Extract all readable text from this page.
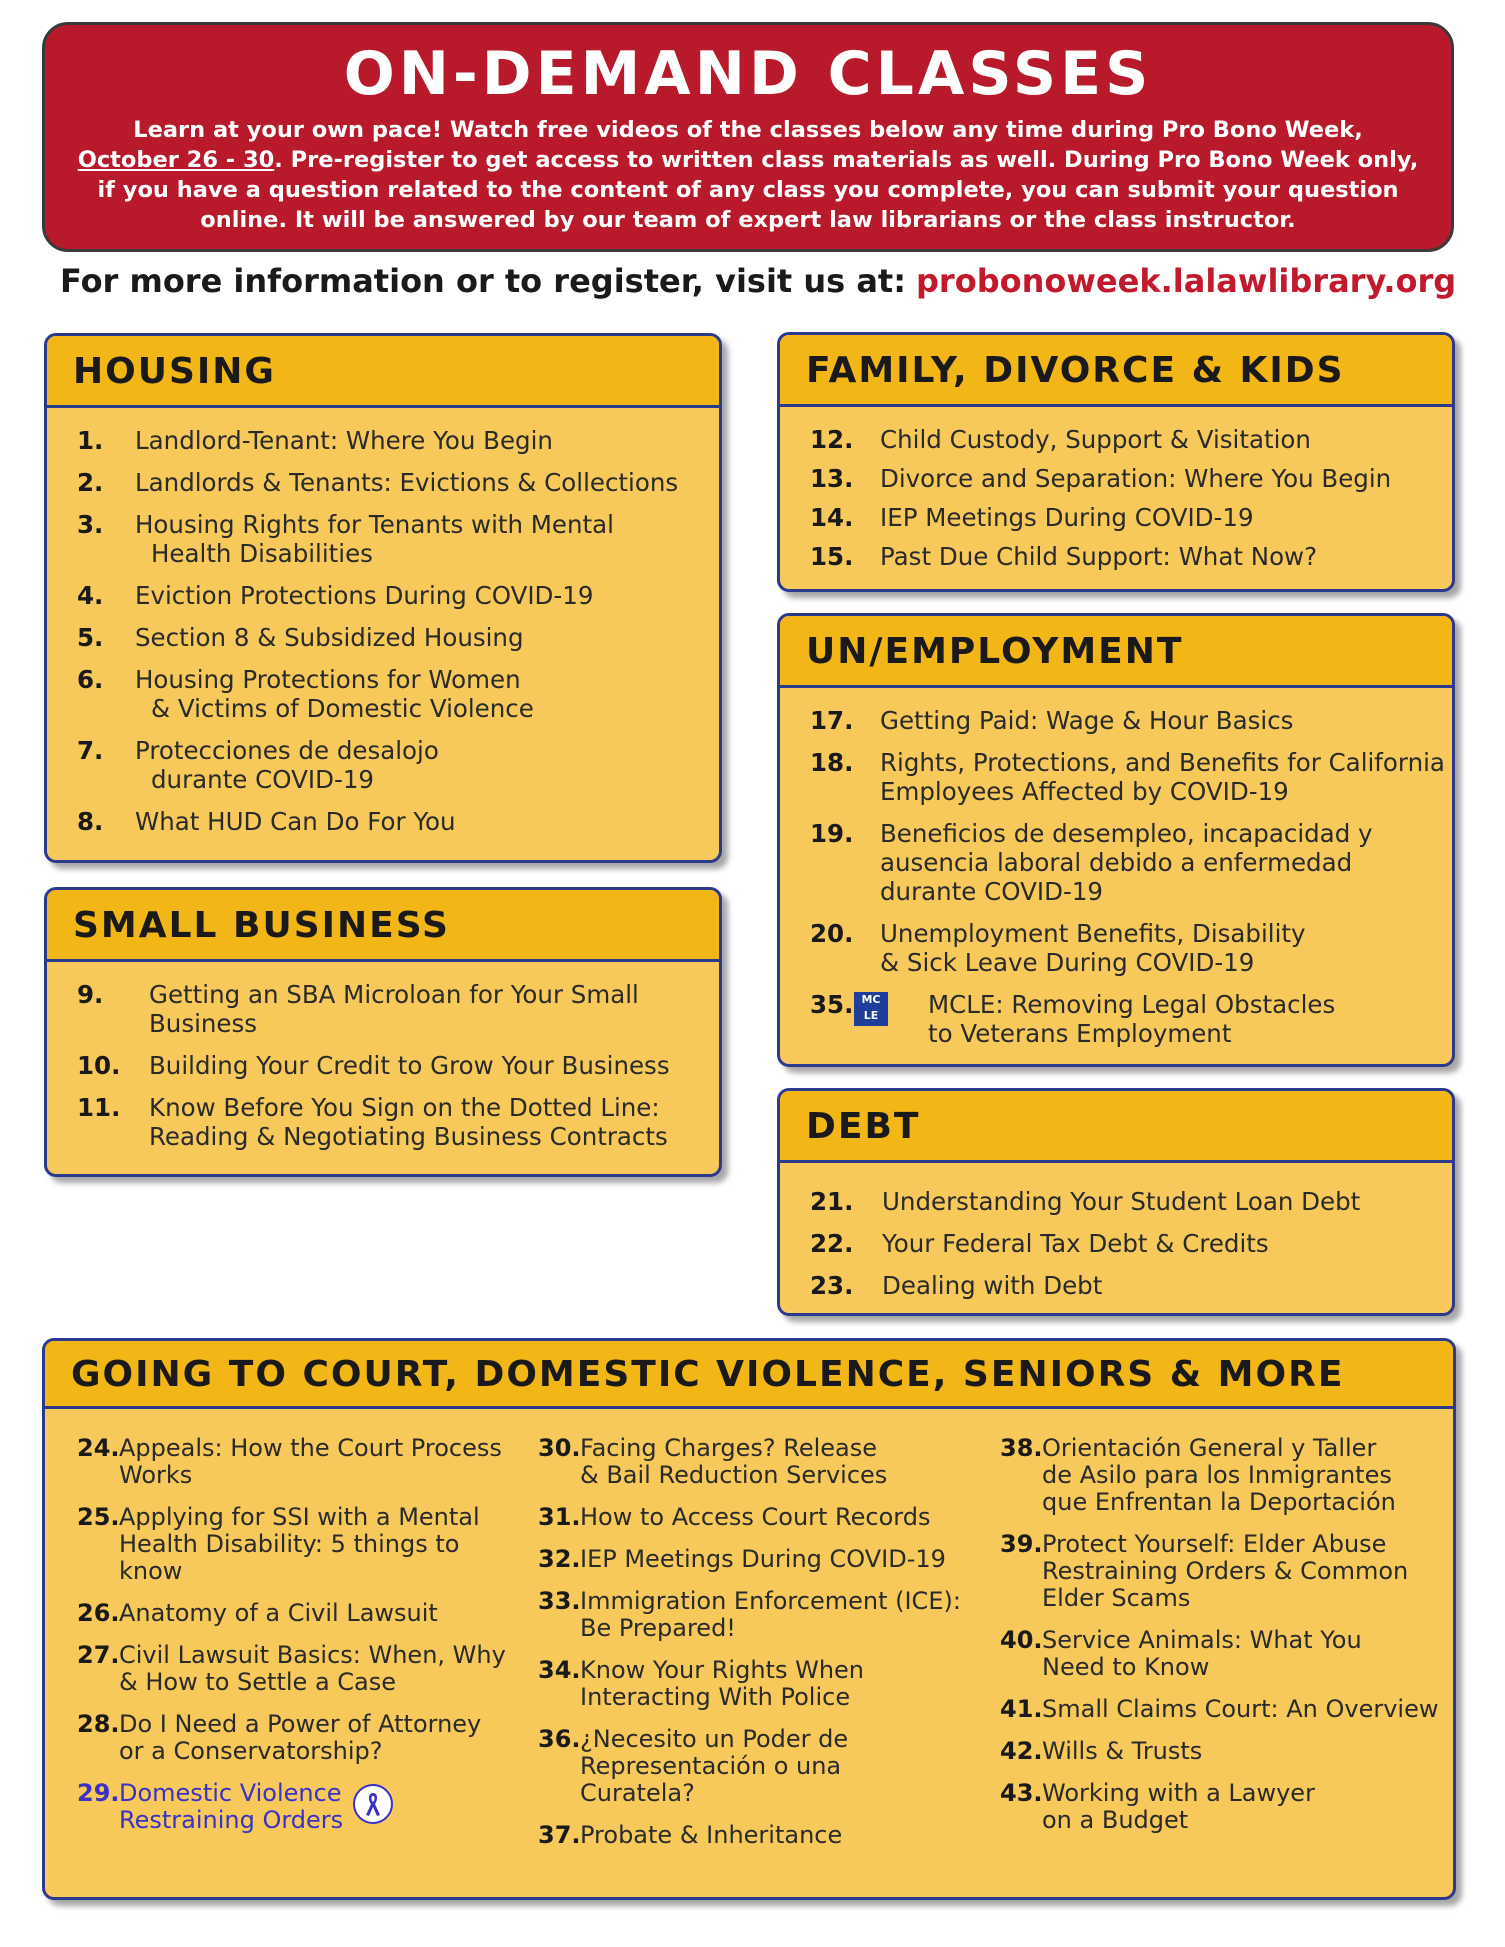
ON-DEMAND CLASSES
Learn at your own pace! Watch free videos of the classes below any time during Pro Bono Week,
October 26 - 30. Pre-register to get access to written class materials as well. During Pro Bono Week only,
if you have a question related to the content of any class you complete, you can submit your question
online. It will be answered by our team of expert law librarians or the class instructor.
For more information or to register, visit us at: probonoweek.lalawlibrary.org
HOUSING
1. Landlord-Tenant: Where You Begin
2. Landlords & Tenants: Evictions & Collections
3. Housing Rights for Tenants with Mental
Health Disabilities
4. Eviction Protections During COVID-19
5. Section 8 & Subsidized Housing
6. Housing Protections for Women
& Victims of Domestic Violence
7. Protecciones de desalojo
durante COVID-19
8. What HUD Can Do For You
SMALL BUSINESS
9. Getting an SBA Microloan for Your Small
Business
10. Building Your Credit to Grow Your Business
11. Know Before You Sign on the Dotted Line:
Reading & Negotiating Business Contracts
FAMILY, DIVORCE & KIDS
12. Child Custody, Support & Visitation
13. Divorce and Separation: Where You Begin
14. IEP Meetings During COVID-19
15. Past Due Child Support: What Now?
UN/EMPLOYMENT
17. Getting Paid: Wage & Hour Basics
18. Rights, Protections, and Benefits for California
Employees Affected by COVID-19
19. Beneficios de desempleo, incapacidad y
ausencia laboral debido a enfermedad
durante COVID-19
20. Unemployment Benefits, Disability
& Sick Leave During COVID-19
35. MC LE	MCLE: Removing Legal Obstacles
to Veterans Employment
DEBT
21. Understanding Your Student Loan Debt
22. Your Federal Tax Debt & Credits
23. Dealing with Debt
GOING TO COURT, DOMESTIC VIOLENCE, SENIORS & MORE
24. Appeals: How the Court Process
Works
25. Applying for SSI with a Mental
Health Disability: 5 things to
know
26. Anatomy of a Civil Lawsuit
27. Civil Lawsuit Basics: When, Why
& How to Settle a Case
28. Do I Need a Power of Attorney
or a Conservatorship?
29. Domestic Violence
Restraining Orders
30. Facing Charges? Release
& Bail Reduction Services
31. How to Access Court Records
32. IEP Meetings During COVID-19
33. Immigration Enforcement (ICE):
Be Prepared!
34. Know Your Rights When
Interacting With Police
36. ¿Necesito un Poder de
Representación o una
Curatela?
37. Probate & Inheritance
38. Orientación General y Taller
de Asilo para los Inmigrantes
que Enfrentan la Deportación
39. Protect Yourself: Elder Abuse
Restraining Orders & Common
Elder Scams
40. Service Animals: What You
Need to Know
41. Small Claims Court: An Overview
42. Wills & Trusts
43. Working with a Lawyer
on a Budget
